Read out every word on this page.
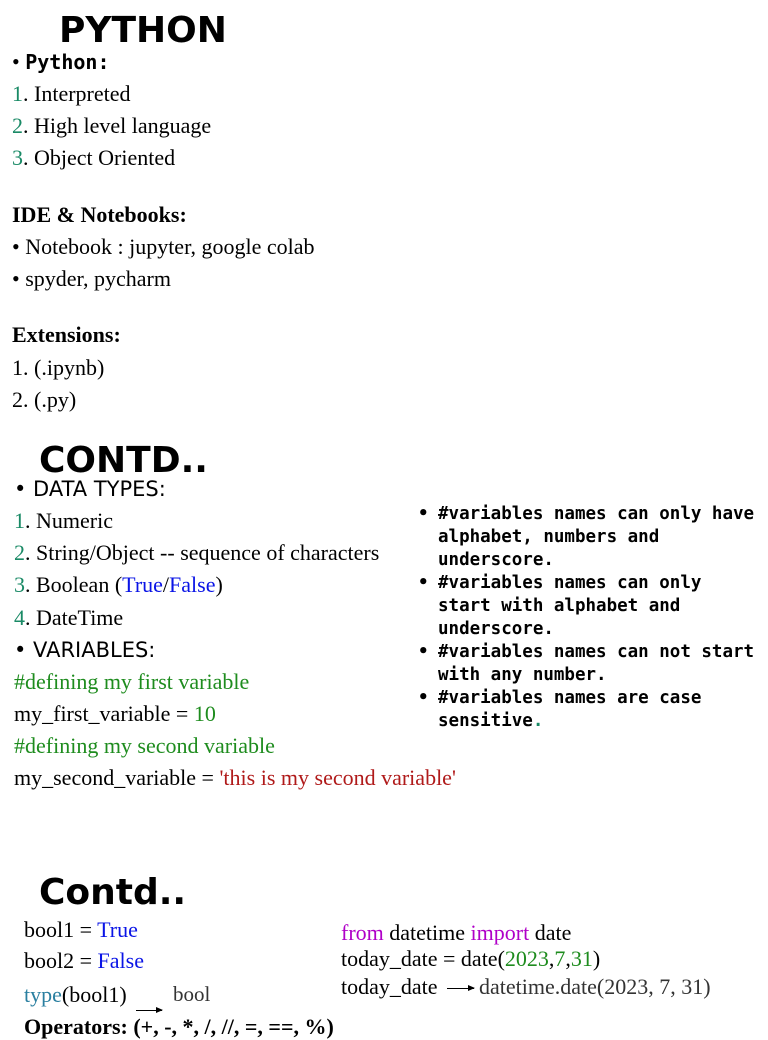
PYTHON
• Python:
1. Interpreted
2. High level language
3. Object Oriented
IDE & Notebooks:
• Notebook : jupyter, google colab
• spyder, pycharm
Extensions:
1. (.ipynb)
2. (.py)
CONTD..
• DATA TYPES:
1. Numeric
2. String/Object -- sequence of characters
3. Boolean (True/False)
4. DateTime
• VARIABLES:
#defining my first variable
my_first_variable = 10
#defining my second variable
my_second_variable = 'this is my second variable'
• #variables names can only have alphabet, numbers and underscore.
• #variables names can only start with alphabet and underscore.
• #variables names can not start with any number.
• #variables names are case sensitive.
Contd..
bool1 = True
bool2 = False
type(bool1) bool
Operators: (+, -, *, /, //, =, ==, %)
from datetime import date
today_date = date(2023,7,31)
today_date datetime.date(2023, 7, 31)
